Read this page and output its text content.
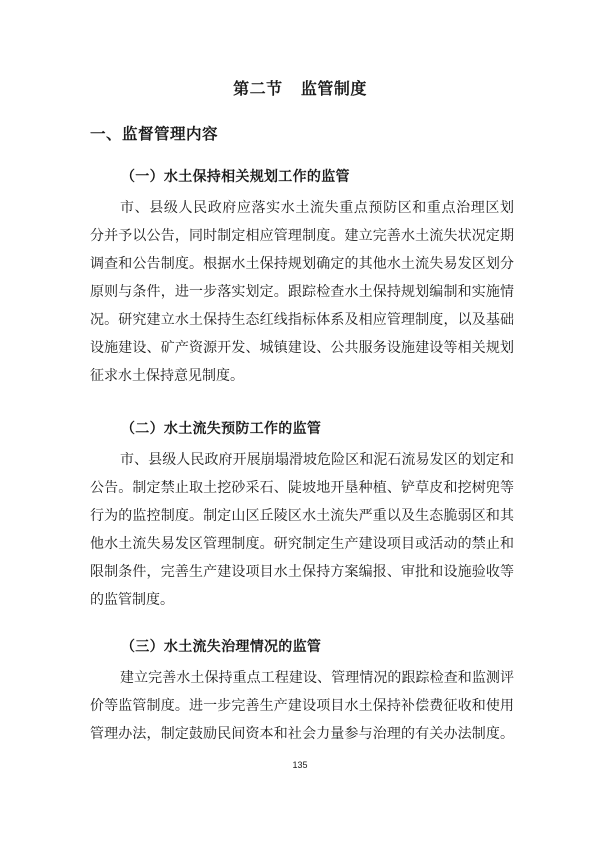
第二节   监管制度
一、监督管理内容
（一）水土保持相关规划工作的监管
市、县级人民政府应落实水土流失重点预防区和重点治理区划
分并予以公告，同时制定相应管理制度。建立完善水土流失状况定期
调查和公告制度。根据水土保持规划确定的其他水土流失易发区划分
原则与条件，进一步落实划定。跟踪检查水土保持规划编制和实施情
况。研究建立水土保持生态红线指标体系及相应管理制度，以及基础
设施建设、矿产资源开发、城镇建设、公共服务设施建设等相关规划
征求水土保持意见制度。
（二）水土流失预防工作的监管
市、县级人民政府开展崩塌滑坡危险区和泥石流易发区的划定和
公告。制定禁止取土挖砂采石、陡坡地开垦种植、铲草皮和挖树兜等
行为的监控制度。制定山区丘陵区水土流失严重以及生态脆弱区和其
他水土流失易发区管理制度。研究制定生产建设项目或活动的禁止和
限制条件，完善生产建设项目水土保持方案编报、审批和设施验收等
的监管制度。
（三）水土流失治理情况的监管
建立完善水土保持重点工程建设、管理情况的跟踪检查和监测评
价等监管制度。进一步完善生产建设项目水土保持补偿费征收和使用
管理办法，制定鼓励民间资本和社会力量参与治理的有关办法制度。

135
